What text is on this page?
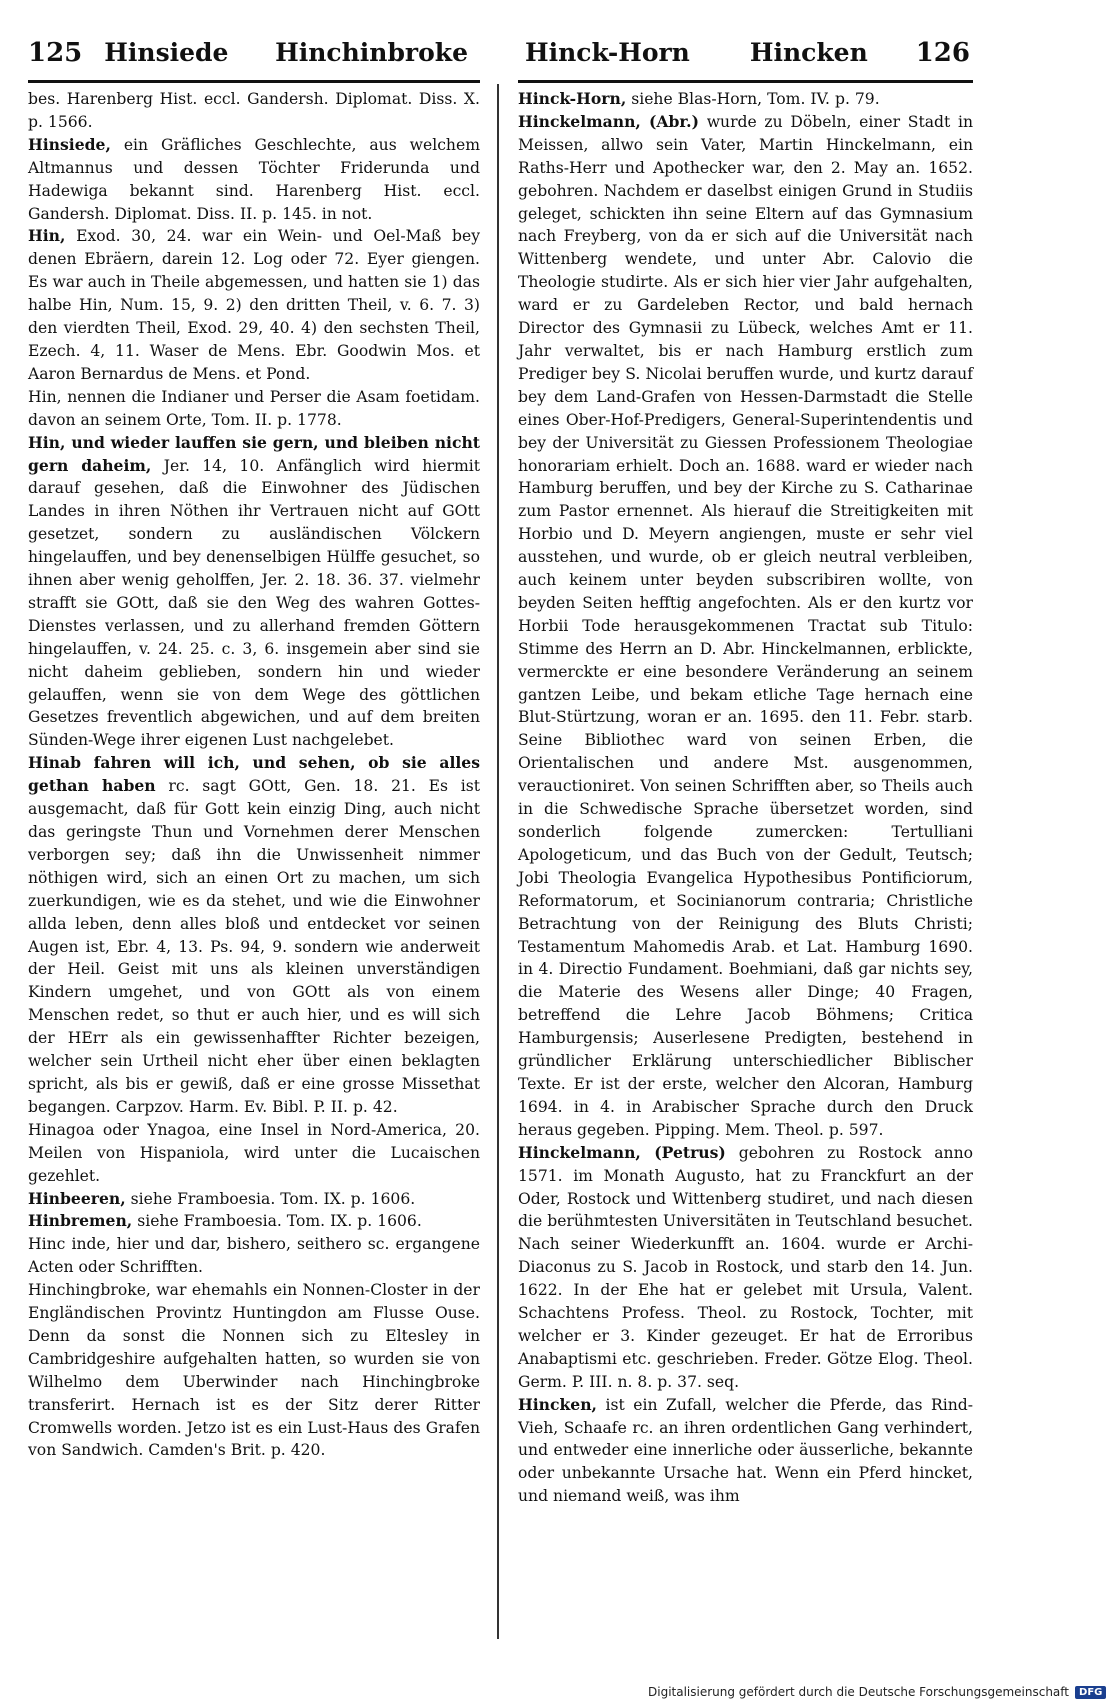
125 Hinsiede Hinchinbroke Hinck-Horn Hincken 126

bes. Harenberg Hist. eccl. Gandersh. Diplomat. Diss. X. p. 1566.

Hinsiede, ein Gräfliches Geschlechte, aus welchem Altmannus und dessen Töchter Friderunda und Hadewiga bekannt sind. Harenberg Hist. eccl. Gandersh. Diplomat. Diss. II. p. 145. in not.

Hin, Exod. 30, 24. war ein Wein- und Oel-Maß bey denen Ebräern, darein 12. Log oder 72. Eyer giengen. Es war auch in Theile abgemessen, und hatten sie 1) das halbe Hin, Num. 15, 9. 2) den dritten Theil, v. 6. 7. 3) den vierdten Theil, Exod. 29, 40. 4) den sechsten Theil, Ezech. 4, 11. Waser de Mens. Ebr. Goodwin Mos. et Aaron Bernardus de Mens. et Pond.

Hin, nennen die Indianer und Perser die Asam foetidam. davon an seinem Orte, Tom. II. p. 1778.

Hin, und wieder lauffen sie gern, und bleiben nicht gern daheim, Jer. 14, 10. Anfänglich wird hiermit darauf gesehen, daß die Einwohner des Jüdischen Landes in ihren Nöthen ihr Vertrauen nicht auf GOtt gesetzet, sondern zu ausländischen Völckern hingelauffen, und bey denenselbigen Hülffe gesuchet, so ihnen aber wenig geholffen, Jer. 2. 18. 36. 37. vielmehr strafft sie GOtt, daß sie den Weg des wahren Gottes-Dienstes verlassen, und zu allerhand fremden Göttern hingelauffen, v. 24. 25. c. 3, 6. insgemein aber sind sie nicht daheim geblieben, sondern hin und wieder gelauffen, wenn sie von dem Wege des göttlichen Gesetzes freventlich abgewichen, und auf dem breiten Sünden-Wege ihrer eigenen Lust nachgelebet.

Hinab fahren will ich, und sehen, ob sie alles gethan haben rc. sagt GOtt, Gen. 18. 21. Es ist ausgemacht, daß für Gott kein einzig Ding, auch nicht das geringste Thun und Vornehmen derer Menschen verborgen sey; daß ihn die Unwissenheit nimmer nöthigen wird, sich an einen Ort zu machen, um sich zuerkundigen, wie es da stehet, und wie die Einwohner allda leben, denn alles bloß und entdecket vor seinen Augen ist, Ebr. 4, 13. Ps. 94, 9. sondern wie anderweit der Heil. Geist mit uns als kleinen unverständigen Kindern umgehet, und von GOtt als von einem Menschen redet, so thut er auch hier, und es will sich der HErr als ein gewissenhaffter Richter bezeigen, welcher sein Urtheil nicht eher über einen beklagten spricht, als bis er gewiß, daß er eine grosse Missethat begangen. Carpzov. Harm. Ev. Bibl. P. II. p. 42.

Hinagoa oder Ynagoa, eine Insel in Nord-America, 20. Meilen von Hispaniola, wird unter die Lucaischen gezehlet.

Hinbeeren, siehe Framboesia. Tom. IX. p. 1606.

Hinbremen, siehe Framboesia. Tom. IX. p. 1606.

Hinc inde, hier und dar, bishero, seithero sc. ergangene Acten oder Schrifften.

Hinchingbroke, war ehemahls ein Nonnen-Closter in der Engländischen Provintz Huntingdon am Flusse Ouse. Denn da sonst die Nonnen sich zu Eltesley in Cambridgeshire aufgehalten hatten, so wurden sie von Wilhelmo dem Uberwinder nach Hinchingbroke transferirt. Hernach ist es der Sitz derer Ritter Cromwells worden. Jetzo ist es ein Lust-Haus des Grafen von Sandwich. Camden's Brit. p. 420.

Hinck-Horn, siehe Blas-Horn, Tom. IV. p. 79.

Hinckelmann, (Abr.) wurde zu Döbeln, einer Stadt in Meissen, allwo sein Vater, Martin Hinckelmann, ein Raths-Herr und Apothecker war, den 2. May an. 1652. gebohren. Nachdem er daselbst einigen Grund in Studiis geleget, schickten ihn seine Eltern auf das Gymnasium nach Freyberg, von da er sich auf die Universität nach Wittenberg wendete, und unter Abr. Calovio die Theologie studirte. Als er sich hier vier Jahr aufgehalten, ward er zu Gardeleben Rector, und bald hernach Director des Gymnasii zu Lübeck, welches Amt er 11. Jahr verwaltet, bis er nach Hamburg erstlich zum Prediger bey S. Nicolai beruffen wurde, und kurtz darauf bey dem Land-Grafen von Hessen-Darmstadt die Stelle eines Ober-Hof-Predigers, General-Superintendentis und bey der Universität zu Giessen Professionem Theologiae honorariam erhielt. Doch an. 1688. ward er wieder nach Hamburg beruffen, und bey der Kirche zu S. Catharinae zum Pastor ernennet. Als hierauf die Streitigkeiten mit Horbio und D. Meyern angiengen, muste er sehr viel ausstehen, und wurde, ob er gleich neutral verbleiben, auch keinem unter beyden subscribiren wollte, von beyden Seiten hefftig angefochten. Als er den kurtz vor Horbii Tode herausgekommenen Tractat sub Titulo: Stimme des Herrn an D. Abr. Hinckelmannen, erblickte, vermerckte er eine besondere Veränderung an seinem gantzen Leibe, und bekam etliche Tage hernach eine Blut-Stürtzung, woran er an. 1695. den 11. Febr. starb. Seine Bibliothec ward von seinen Erben, die Orientalischen und andere Mst. ausgenommen, verauctioniret. Von seinen Schrifften aber, so Theils auch in die Schwedische Sprache übersetzet worden, sind sonderlich folgende zumercken: Tertulliani Apologeticum, und das Buch von der Gedult, Teutsch; Jobi Theologia Evangelica Hypothesibus Pontificiorum, Reformatorum, et Socinianorum contraria; Christliche Betrachtung von der Reinigung des Bluts Christi; Testamentum Mahomedis Arab. et Lat. Hamburg 1690. in 4. Directio Fundament. Boehmiani, daß gar nichts sey, die Materie des Wesens aller Dinge; 40 Fragen, betreffend die Lehre Jacob Böhmens; Critica Hamburgensis; Auserlesene Predigten, bestehend in gründlicher Erklärung unterschiedlicher Biblischer Texte. Er ist der erste, welcher den Alcoran, Hamburg 1694. in 4. in Arabischer Sprache durch den Druck heraus gegeben. Pipping. Mem. Theol. p. 597.

Hinckelmann, (Petrus) gebohren zu Rostock anno 1571. im Monath Augusto, hat zu Franckfurt an der Oder, Rostock und Wittenberg studiret, und nach diesen die berühmtesten Universitäten in Teutschland besuchet. Nach seiner Wiederkunfft an. 1604. wurde er Archi-Diaconus zu S. Jacob in Rostock, und starb den 14. Jun. 1622. In der Ehe hat er gelebet mit Ursula, Valent. Schachtens Profess. Theol. zu Rostock, Tochter, mit welcher er 3. Kinder gezeuget. Er hat de Erroribus Anabaptismi etc. geschrieben. Freder. Götze Elog. Theol. Germ. P. III. n. 8. p. 37. seq.

Hincken, ist ein Zufall, welcher die Pferde, das Rind-Vieh, Schaafe rc. an ihren ordentlichen Gang verhindert, und entweder eine innerliche oder äusserliche, bekannte oder unbekannte Ursache hat. Wenn ein Pferd hincket, und niemand weiß, was ihm

Digitalisierung gefördert durch die Deutsche Forschungsgemeinschaft	DFG
